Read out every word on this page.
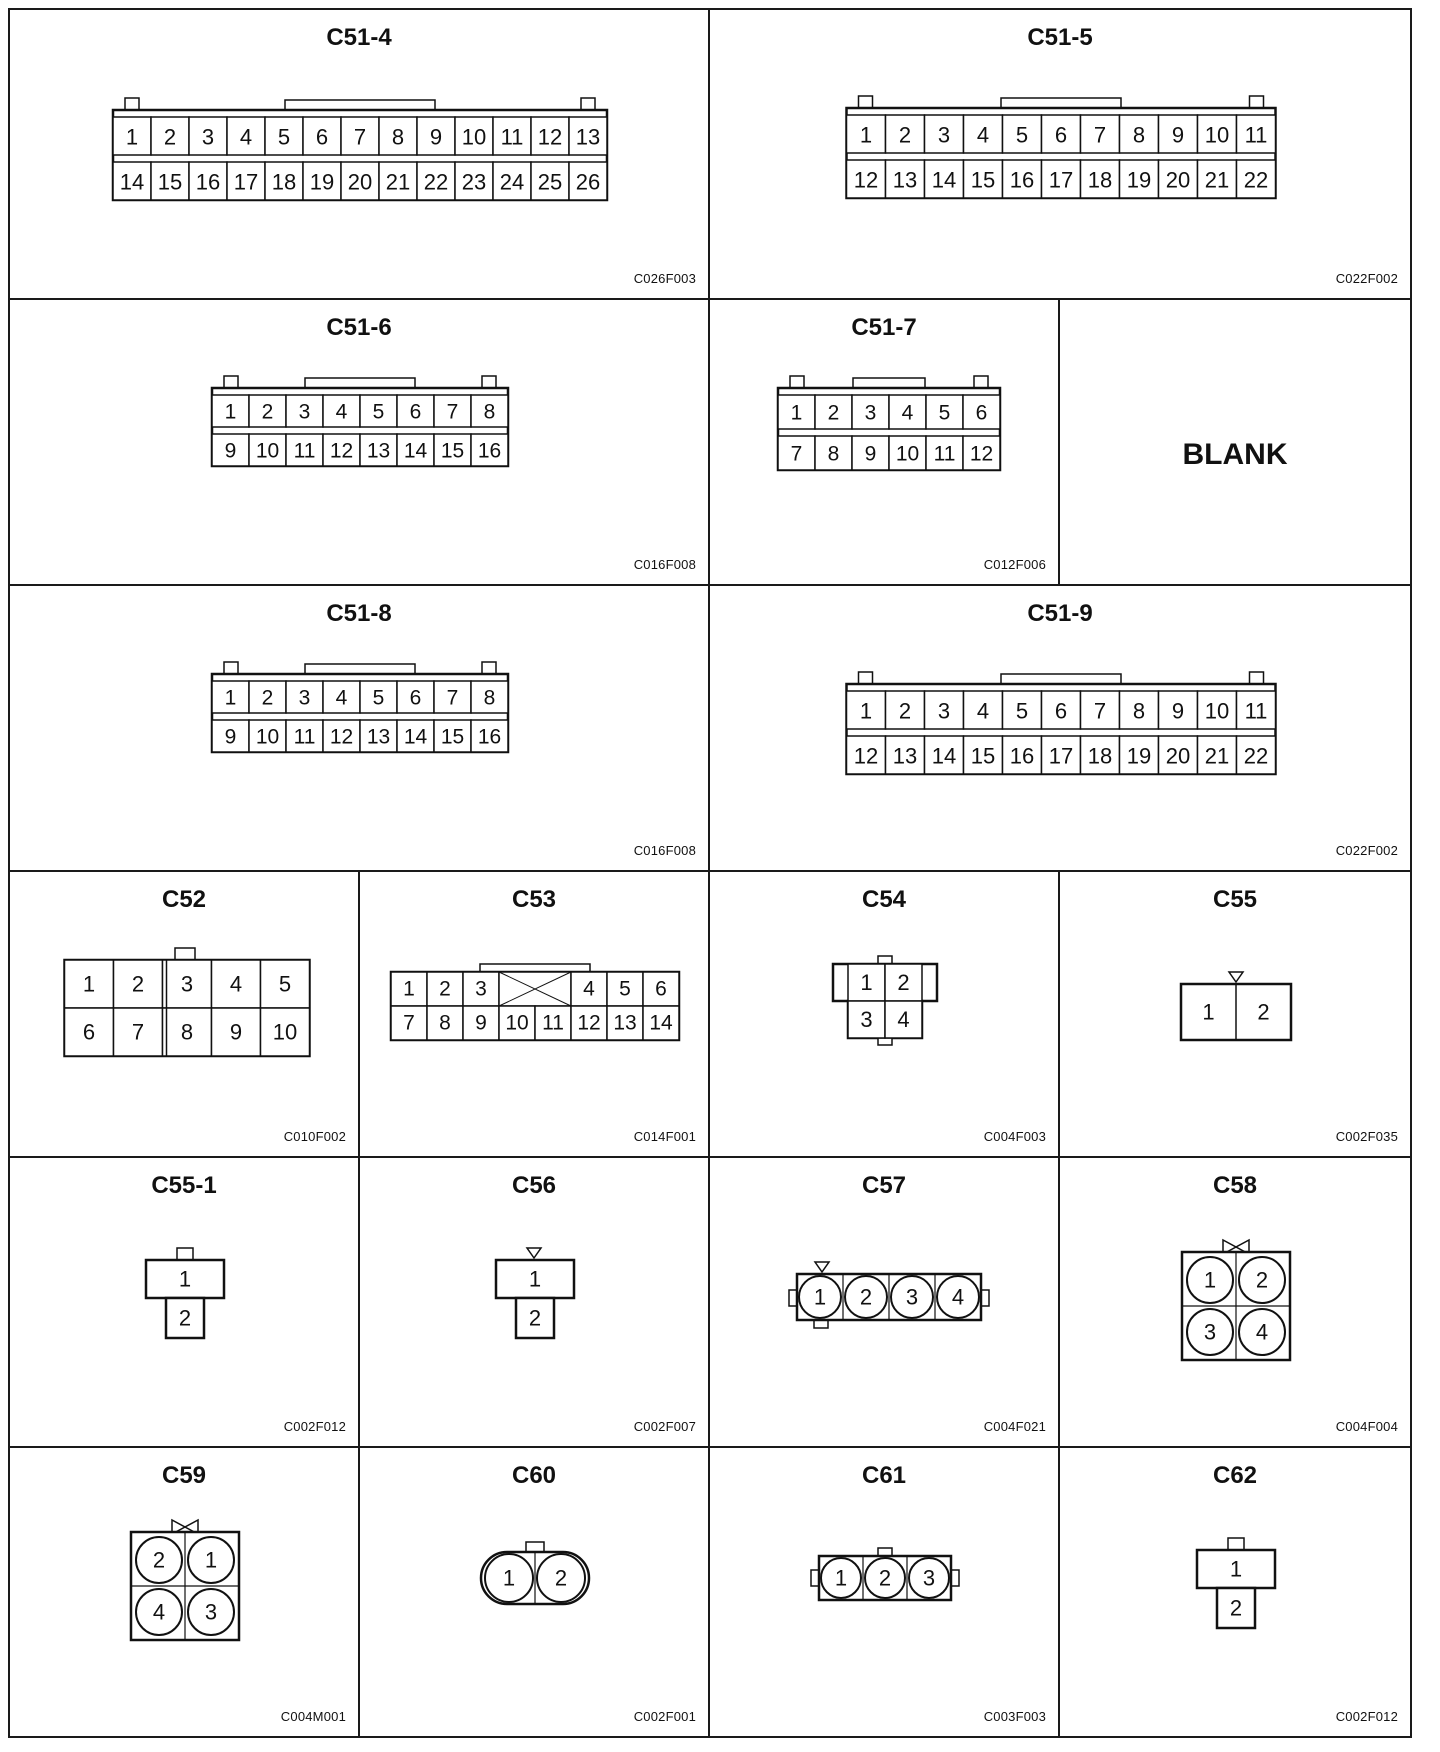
C51-4
C026F003
1 2 3 4 5 6 7 8 9 10 11 12 13
14 15 16 17 18 19 20 21 22 23 24 25 26
C51-5
C022F002
1 2 3 4 5 6 7 8 9 10 11
12 13 14 15 16 17 18 19 20 21 22
C51-6
C016F008
1 2 3 4 5 6 7 8
9 10 11 12 13 14 15 16
C51-7
C012F006
1 2 3 4 5 6
7 8 9 10 11 12	BLANK
C51-8
C016F008
1 2 3 4 5 6 7 8
9 10 11 12 13 14 15 16
C51-9
C022F002
1 2 3 4 5 6 7 8 9 10 11
12 13 14 15 16 17 18 19 20 21 22
C52
C010F002
1 2 3 4 5
6 7 8 9 10
C53
C014F001
1 2 3	4 5 6
7 8 9 10 11 12 13 14
C54
C004F003
1 2
3 4
C55
C002F035
1 2
C55-1
C002F012
1
2
C56
C002F007
1
2
C57
C004F021
1 2 3 4
C58
C004F004
1 2
3 4
C59
C004M001
2 1
4 3
C60
C002F001
1 2
C61
C003F003
1 2 3
C62
C002F012
1
2
